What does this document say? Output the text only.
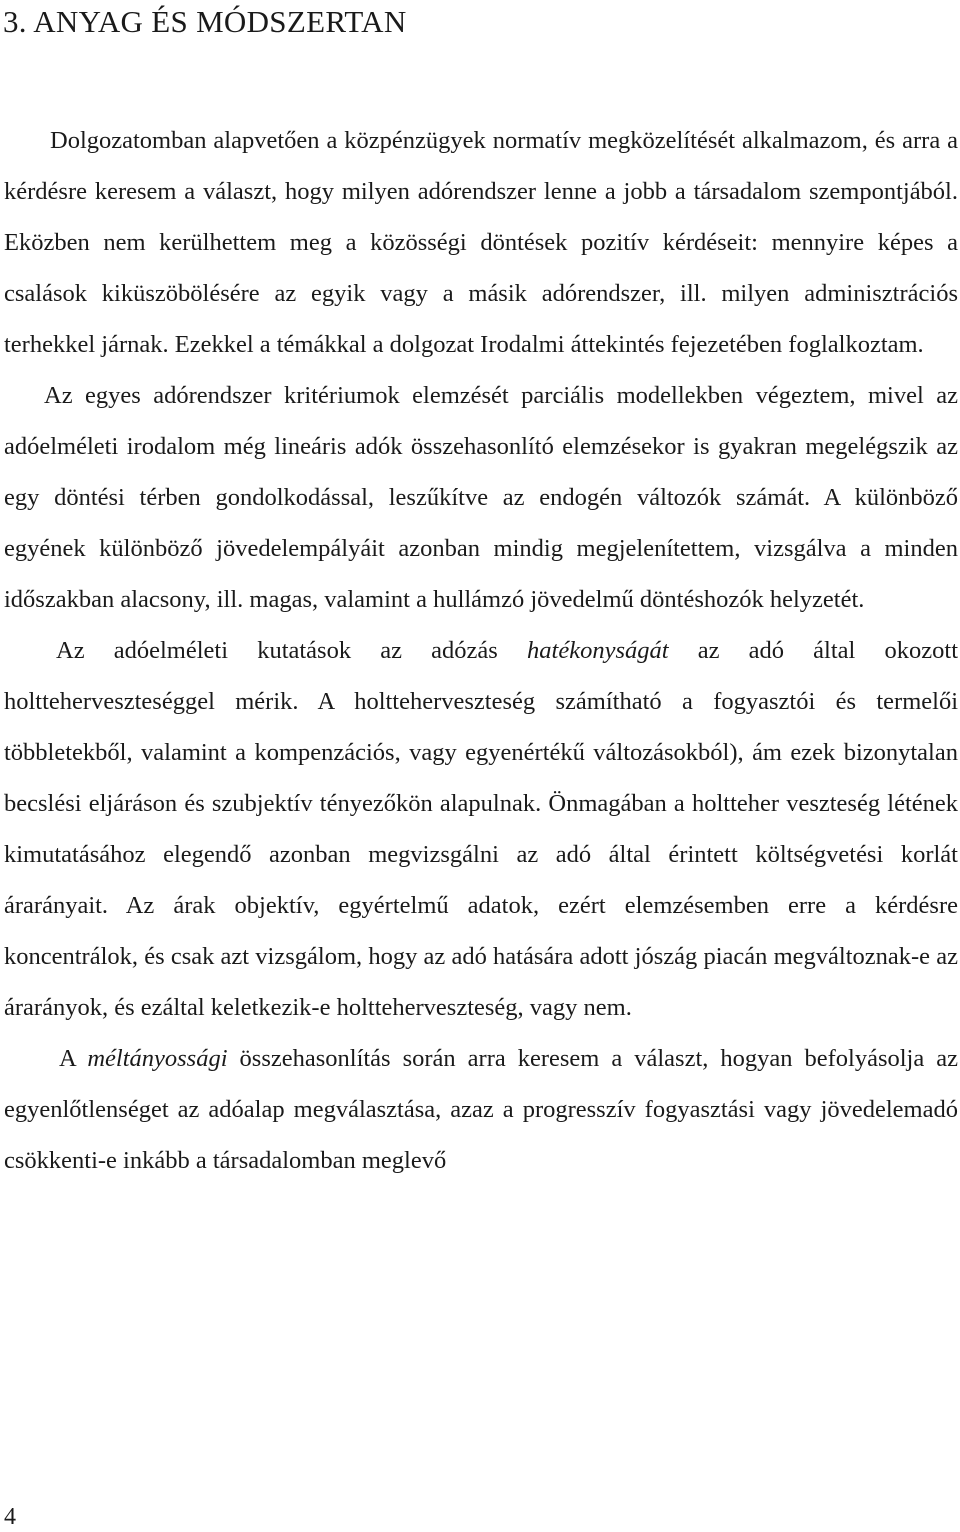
3. ANYAG ÉS MÓDSZERTAN

Dolgozatomban alapvetően a közpénzügyek normatív megközelítését alkalmazom, és arra a kérdésre keresem a választ, hogy milyen adórendszer lenne a jobb a társadalom szempontjából. Eközben nem kerülhettem meg a közösségi döntések pozitív kérdéseit: mennyire képes a csalások kiküszöbölésére az egyik vagy a másik adórendszer, ill. milyen adminisztrációs terhekkel járnak. Ezekkel a témákkal a dolgozat Irodalmi áttekintés fejezetében foglalkoztam.

Az egyes adórendszer kritériumok elemzését parciális modellekben végeztem, mivel az adóelméleti irodalom még lineáris adók összehasonlító elemzésekor is gyakran megelégszik az egy döntési térben gondolkodással, leszűkítve az endogén változók számát. A különböző egyének különböző jövedelempályáit azonban mindig megjelenítettem, vizsgálva a minden időszakban alacsony, ill. magas, valamint a hullámzó jövedelmű döntéshozók helyzetét.

Az adóelméleti kutatások az adózás hatékonyságát az adó által okozott holtteherveszteséggel mérik. A holtteherveszteség számítható a fogyasztói és termelői többletekből, valamint a kompenzációs, vagy egyenértékű változásokból), ám ezek bizonytalan becslési eljáráson és szubjektív tényezőkön alapulnak. Önmagában a holtteher veszteség létének kimutatásához elegendő azonban megvizsgálni az adó által érintett költségvetési korlát árarányait. Az árak objektív, egyértelmű adatok, ezért elemzésemben erre a kérdésre koncentrálok, és csak azt vizsgálom, hogy az adó hatására adott jószág piacán megváltoznak-e az árarányok, és ezáltal keletkezik-e holtteherveszteség, vagy nem.

A méltányossági összehasonlítás során arra keresem a választ, hogyan befolyásolja az egyenlőtlenséget az adóalap megválasztása, azaz a progresszív fogyasztási vagy jövedelemadó csökkenti-e inkább a társadalomban meglevő

4
